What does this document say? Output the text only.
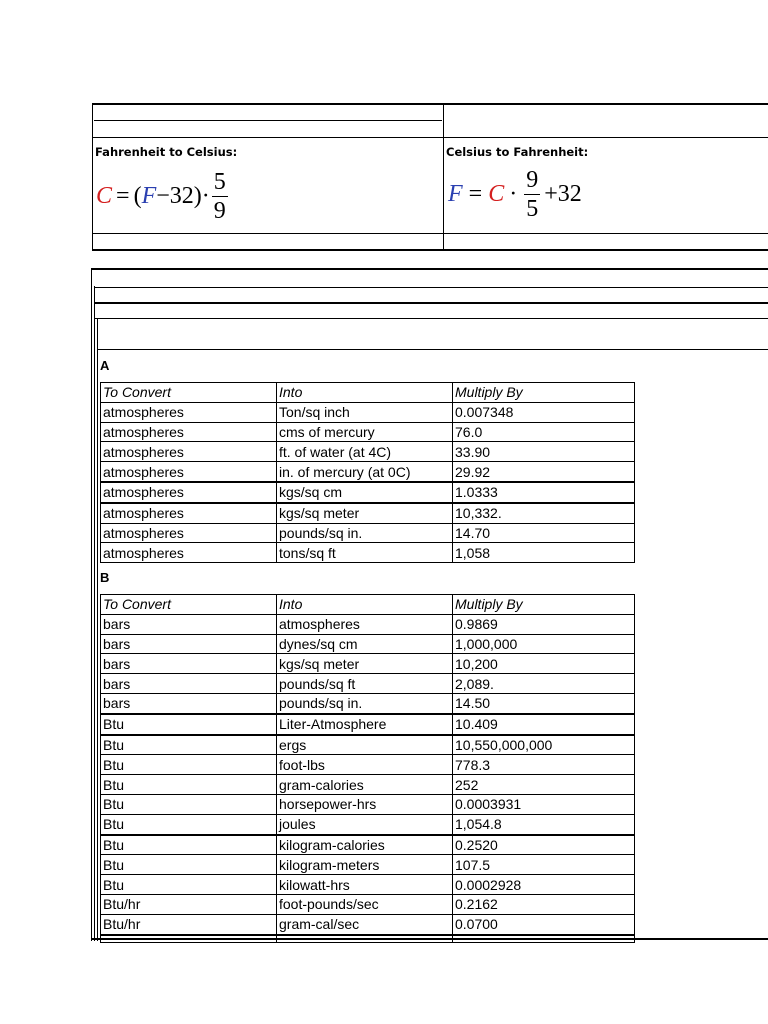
Fahrenheit to Celsius:
C = ( $F -32)\cdot \frac{5}{9}$
Celsius to Fahrenheit:
$F = C \cdot \frac{9}{5} +32$
A
To Convert	Into	Multiply By
atmospheres	Ton/sq inch	0.007348
atmospheres	cms of mercury	76.0
atmospheres	ft. of water (at 4C)	33.90
atmospheres	in. of mercury (at 0C)	29.92
atmospheres	kgs/sq cm	1.0333
atmospheres	kgs/sq meter	10,332.
atmospheres	pounds/sq in.	14.70
atmospheres	tons/sq ft	1,058
B
To Convert	Into	Multiply By
bars	atmospheres	0.9869
bars	dynes/sq cm	1,000,000
bars	kgs/sq meter	10,200
bars	pounds/sq ft	2,089.
bars	pounds/sq in.	14.50
Btu	Liter-Atmosphere	10.409
Btu	ergs	10,550,000,000
Btu	foot-lbs	778.3
Btu	gram-calories	252
Btu	horsepower-hrs	0.0003931
Btu	joules	1,054.8
Btu	kilogram-calories	0.2520
Btu	kilogram-meters	107.5
Btu	kilowatt-hrs	0.0002928
Btu/hr	foot-pounds/sec	0.2162
Btu/hr	gram-cal/sec	0.0700
